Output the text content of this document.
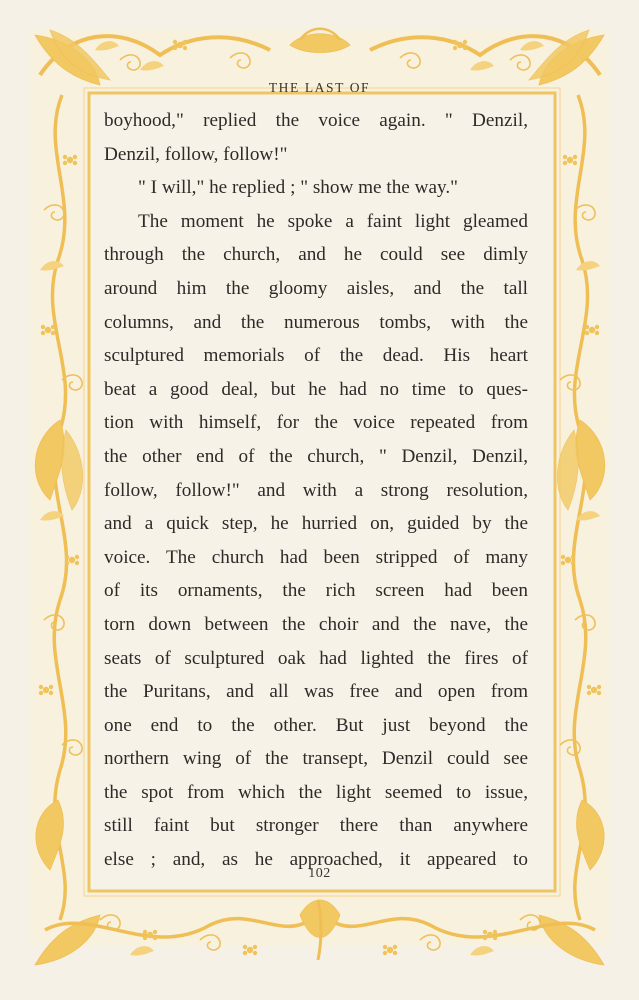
THE LAST OF
boyhood," replied the voice again. " Denzil,
Denzil, follow, follow!"
" I will," he replied ; " show me the way."
The moment he spoke a faint light gleamed
through the church, and he could see dimly
around him the gloomy aisles, and the tall
columns, and the numerous tombs, with the
sculptured memorials of the dead. His heart
beat a good deal, but he had no time to ques-
tion with himself, for the voice repeated from
the other end of the church, " Denzil, Denzil,
follow, follow!" and with a strong resolution,
and a quick step, he hurried on, guided by the
voice. The church had been stripped of many
of its ornaments, the rich screen had been
torn down between the choir and the nave, the
seats of sculptured oak had lighted the fires of
the Puritans, and all was free and open from
one end to the other. But just beyond the
northern wing of the transept, Denzil could see
the spot from which the light seemed to issue,
still faint but stronger there than anywhere
else ; and, as he approached, it appeared to
102
